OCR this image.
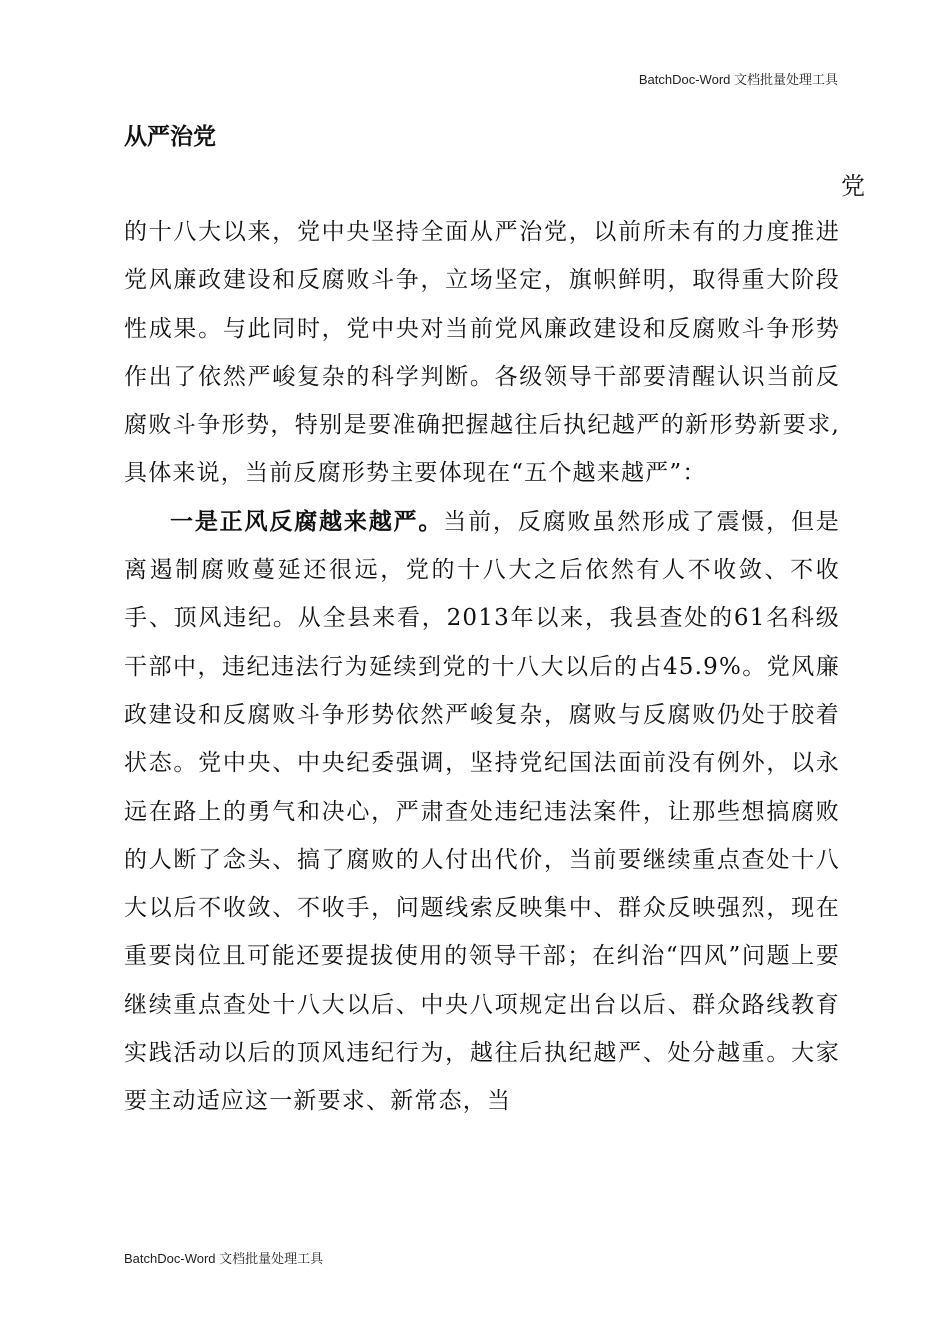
BatchDoc-Word 文档批量处理工具
从严治党
党

的十八大以来，党中央坚持全面从严治党，以前所未有的力度推进党风廉政建设和反腐败斗争，立场坚定，旗帜鲜明，取得重大阶段性成果。与此同时，党中央对当前党风廉政建设和反腐败斗争形势作出了依然严峻复杂的科学判断。各级领导干部要清醒认识当前反腐败斗争形势，特别是要准确把握越往后执纪越严的新形势新要求,具体来说，当前反腐形势主要体现在“五个越来越严”：

一是正风反腐越来越严。当前，反腐败虽然形成了震慑，但是离遏制腐败蔓延还很远，党的十八大之后依然有人不收敛、不收手、顶风违纪。从全县来看，2013年以来，我县查处的61名科级干部中，违纪违法行为延续到党的十八大以后的占45.9%。党风廉政建设和反腐败斗争形势依然严峻复杂，腐败与反腐败仍处于胶着状态。党中央、中央纪委强调，坚持党纪国法面前没有例外，以永远在路上的勇气和决心，严肃查处违纪违法案件，让那些想搞腐败的人断了念头、搞了腐败的人付出代价，当前要继续重点查处十八大以后不收敛、不收手，问题线索反映集中、群众反映强烈，现在重要岗位且可能还要提拔使用的领导干部；在纠治“四风”问题上要继续重点查处十八大以后、中央八项规定出台以后、群众路线教育实践活动以后的顶风违纪行为，越往后执纪越严、处分越重。大家要主动适应这一新要求、新常态，当

BatchDoc-Word 文档批量处理工具
